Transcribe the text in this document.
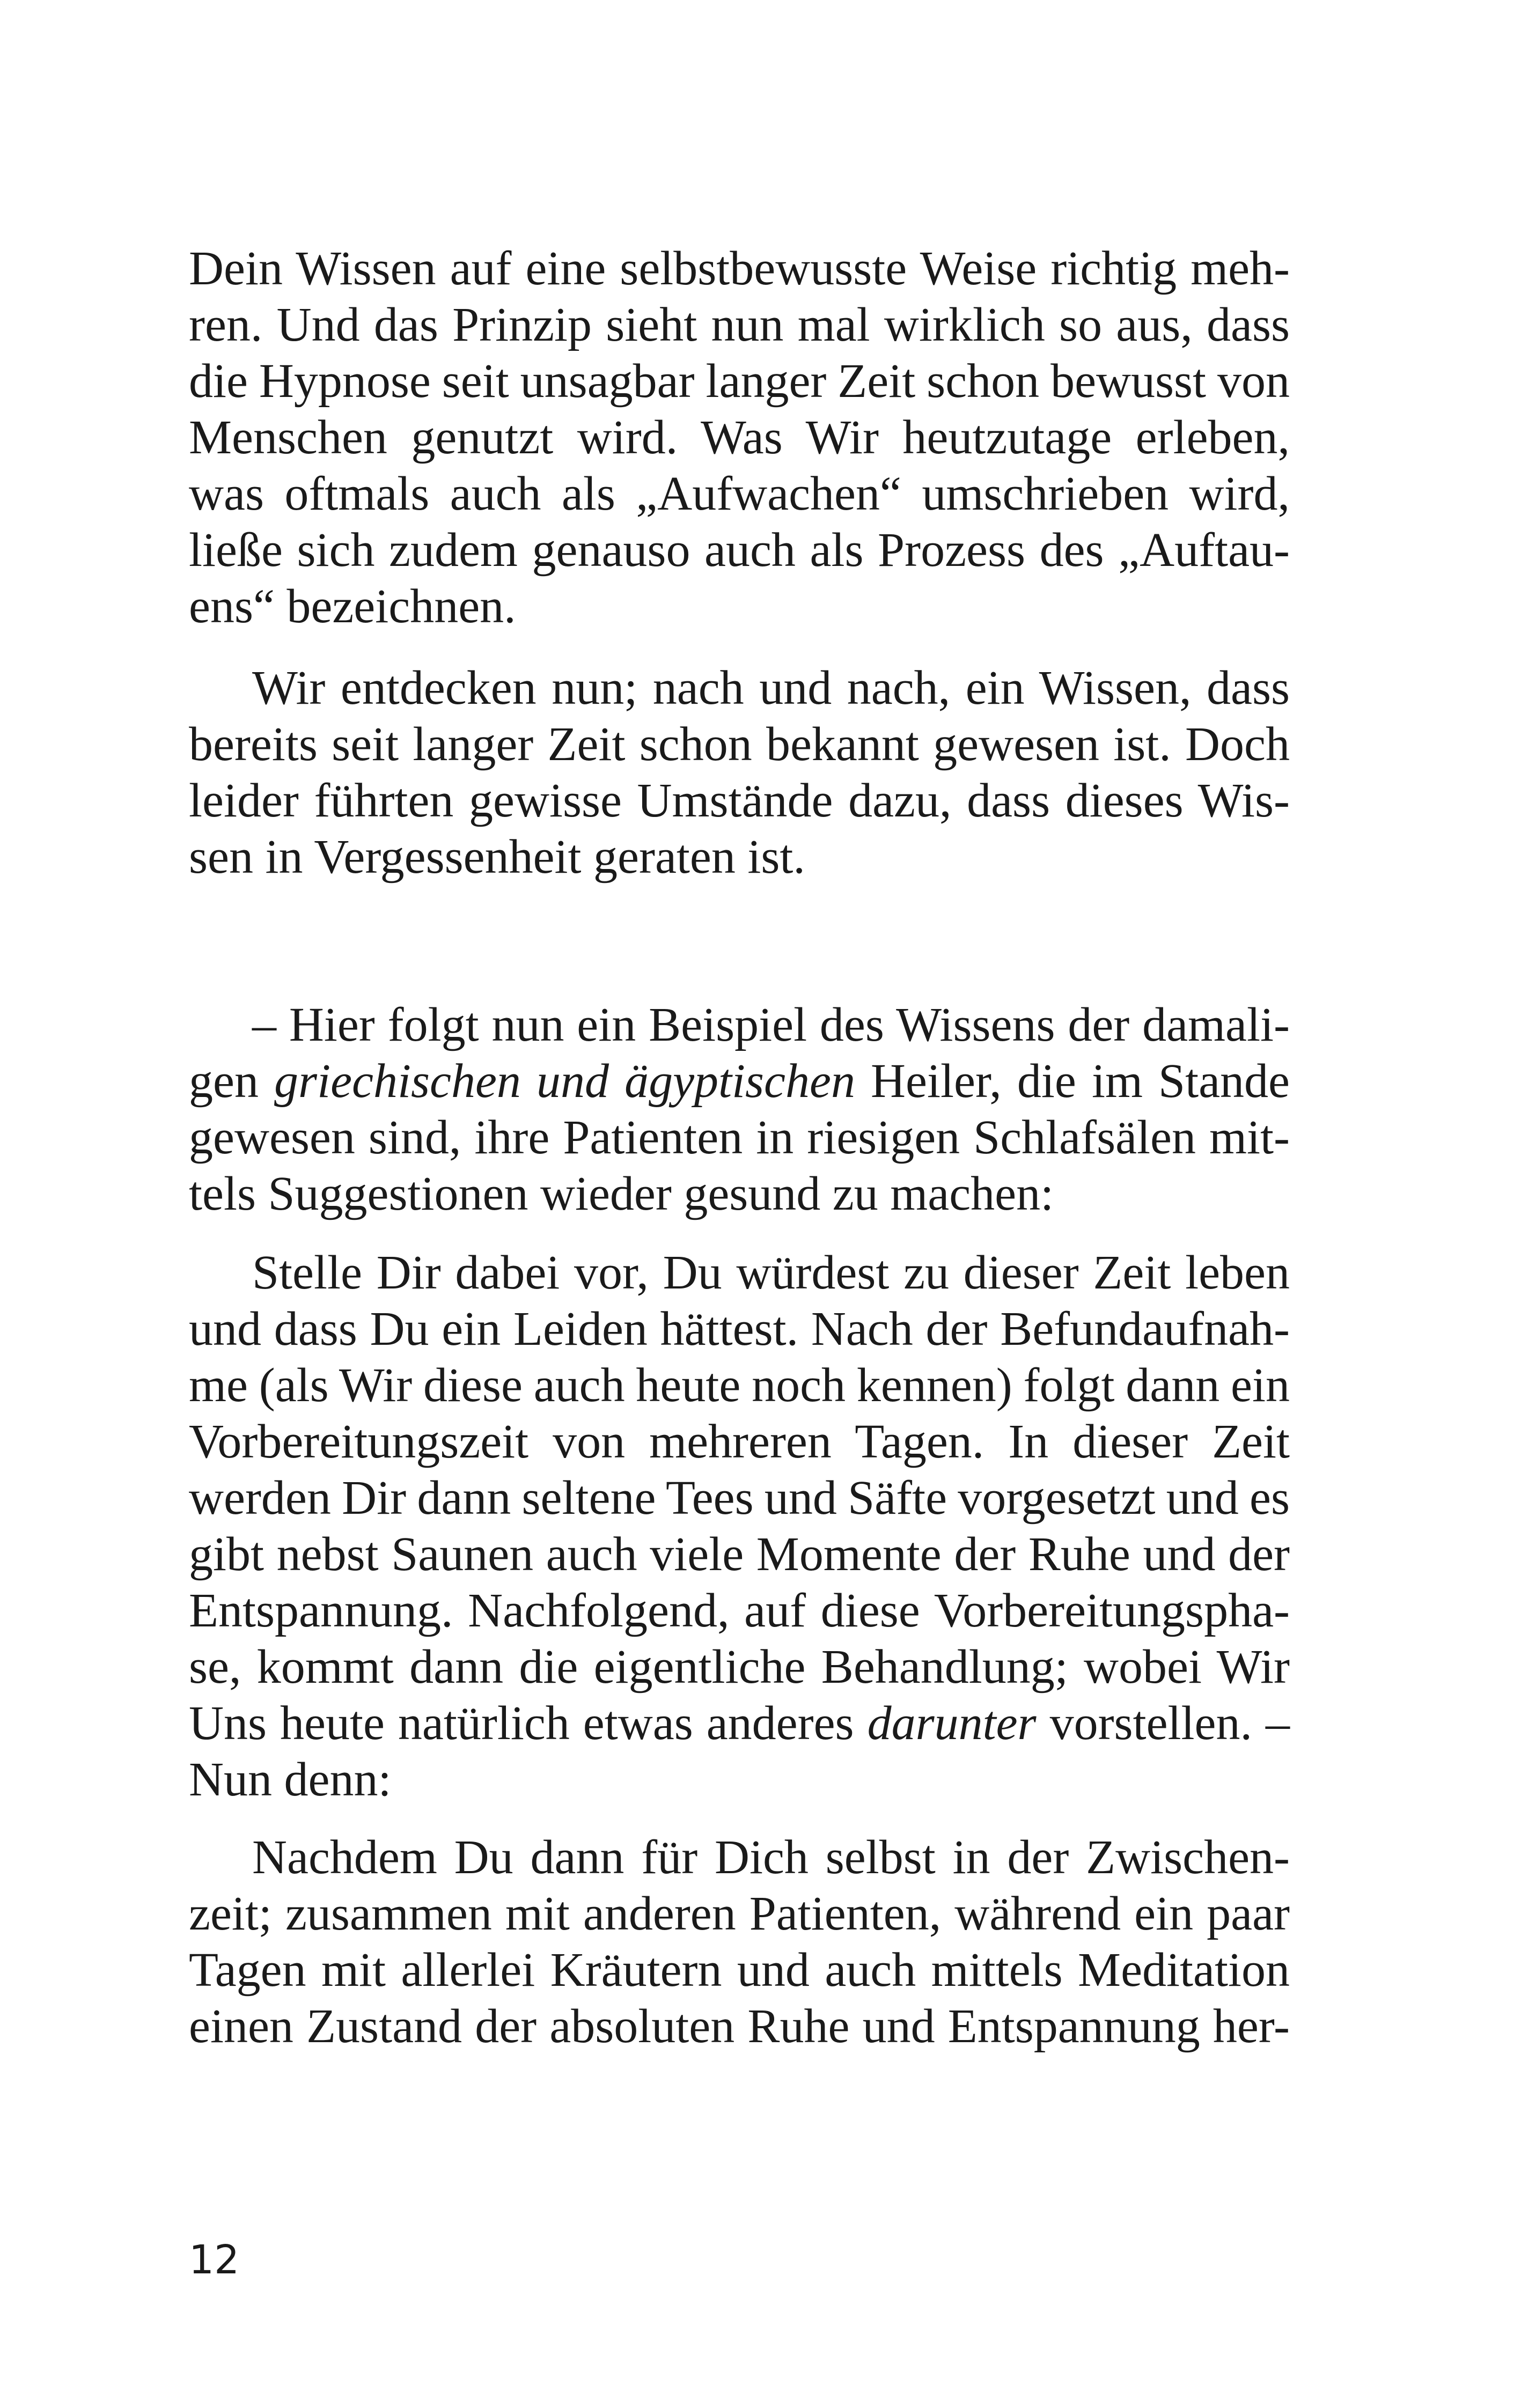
Dein Wissen auf eine selbstbewusste Weise richtig meh-
ren. Und das Prinzip sieht nun mal wirklich so aus, dass
die Hypnose seit unsagbar langer Zeit schon bewusst von
Menschen genutzt wird. Was Wir heutzutage erleben,
was oftmals auch als „Aufwachen“ umschrieben wird,
ließe sich zudem genauso auch als Prozess des „Auftau-
ens“ bezeichnen.
Wir entdecken nun; nach und nach, ein Wissen, dass
bereits seit langer Zeit schon bekannt gewesen ist. Doch
leider führten gewisse Umstände dazu, dass dieses Wis-
sen in Vergessenheit geraten ist.
– Hier folgt nun ein Beispiel des Wissens der damali-
gen griechischen und ägyptischen Heiler, die im Stande
gewesen sind, ihre Patienten in riesigen Schlafsälen mit-
tels Suggestionen wieder gesund zu machen:
Stelle Dir dabei vor, Du würdest zu dieser Zeit leben
und dass Du ein Leiden hättest. Nach der Befundaufnah-
me (als Wir diese auch heute noch kennen) folgt dann ein
Vorbereitungszeit von mehreren Tagen. In dieser Zeit
werden Dir dann seltene Tees und Säfte vorgesetzt und es
gibt nebst Saunen auch viele Momente der Ruhe und der
Entspannung. Nachfolgend, auf diese Vorbereitungspha-
se, kommt dann die eigentliche Behandlung; wobei Wir
Uns heute natürlich etwas anderes darunter vorstellen. –
Nun denn:
Nachdem Du dann für Dich selbst in der Zwischen-
zeit; zusammen mit anderen Patienten, während ein paar
Tagen mit allerlei Kräutern und auch mittels Meditation
einen Zustand der absoluten Ruhe und Entspannung her-
12
